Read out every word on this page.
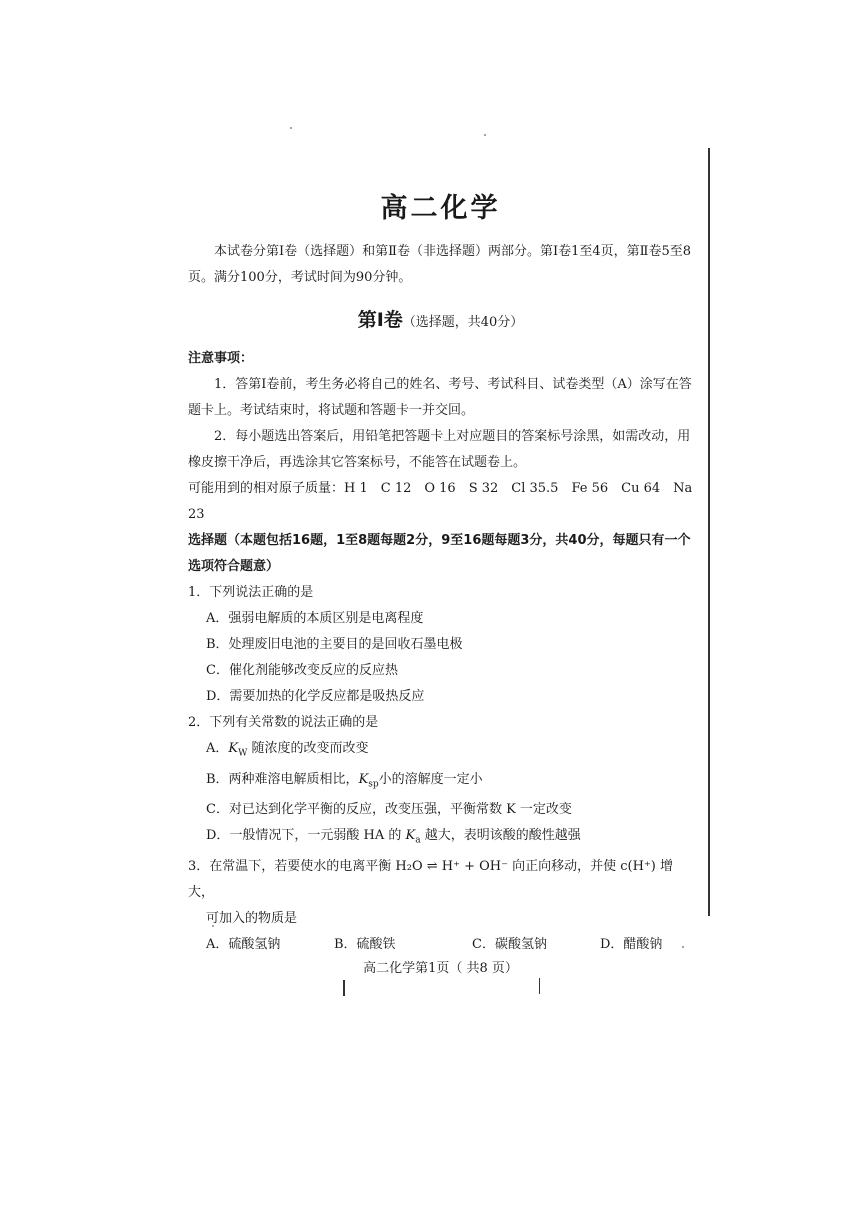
高二化学

本试卷分第Ⅰ卷（选择题）和第Ⅱ卷（非选择题）两部分。第Ⅰ卷1至4页，第Ⅱ卷5至8页。满分100分，考试时间为90分钟。

第Ⅰ卷（选择题，共40分）
注意事项：

1．答第Ⅰ卷前，考生务必将自己的姓名、考号、考试科目、试卷类型（A）涂写在答题卡上。考试结束时，将试题和答题卡一并交回。

2．每小题选出答案后，用铅笔把答题卡上对应题目的答案标号涂黑，如需改动，用橡皮擦干净后，再选涂其它答案标号，不能答在试题卷上。

可能用到的相对原子质量：H 1　C 12　O 16　S 32　Cl 35.5　Fe 56　Cu 64　Na 23

选择题（本题包括16题，1至8题每题2分，9至16题每题3分，共40分，每题只有一个选项符合题意）

1．下列说法正确的是

A．强弱电解质的本质区别是电离程度

B．处理废旧电池的主要目的是回收石墨电极

C．催化剂能够改变反应的反应热

D．需要加热的化学反应都是吸热反应

2．下列有关常数的说法正确的是

A．$K_W$ 随浓度的改变而改变

B．两种难溶电解质相比，$K_{sp}$小的溶解度一定小

C．对已达到化学平衡的反应，改变压强，平衡常数 K 一定改变

D．一般情况下，一元弱酸 HA 的 $K_a$ 越大，表明该酸的酸性越强

3．在常温下，若要使水的电离平衡 H₂O ⇌ H⁺ + OH⁻ 向正向移动，并使 c(H⁺) 增大，

可加入的物质是

A．硫酸氢钠	B．硫酸铁	C．碳酸氢钠	D．醋酸钠
高二化学第1页（ 共8 页）
